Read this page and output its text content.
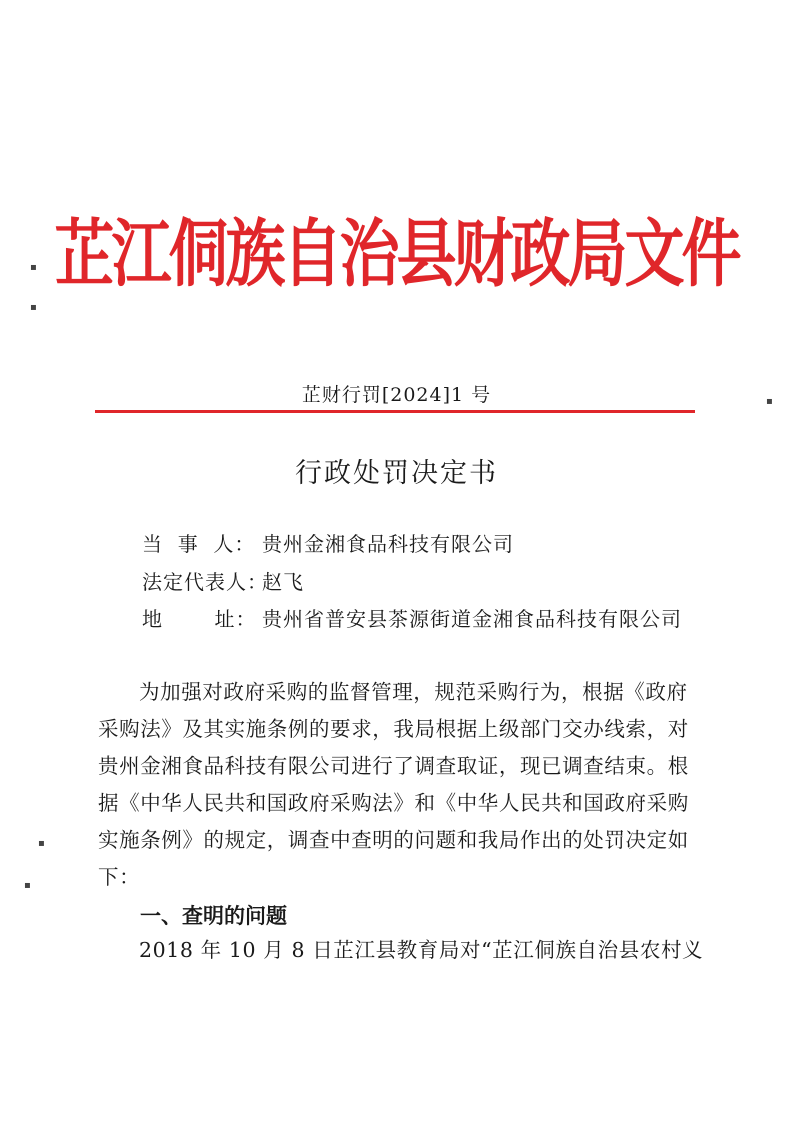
芷江侗族自治县财政局文件
芷财行罚[2024]1 号
行政处罚决定书
当  事  人： 贵州金湘食品科技有限公司
法定代表人：赵飞
地       址： 贵州省普安县茶源街道金湘食品科技有限公司
为加强对政府采购的监督管理，规范采购行为，根据《政府
采购法》及其实施条例的要求，我局根据上级部门交办线索，对
贵州金湘食品科技有限公司进行了调查取证，现已调查结束。根
据《中华人民共和国政府采购法》和《中华人民共和国政府采购
实施条例》的规定，调查中查明的问题和我局作出的处罚决定如
下：
一、查明的问题
2018 年 10 月 8 日芷江县教育局对“芷江侗族自治县农村义
▪
▪
▪
▪
▪
